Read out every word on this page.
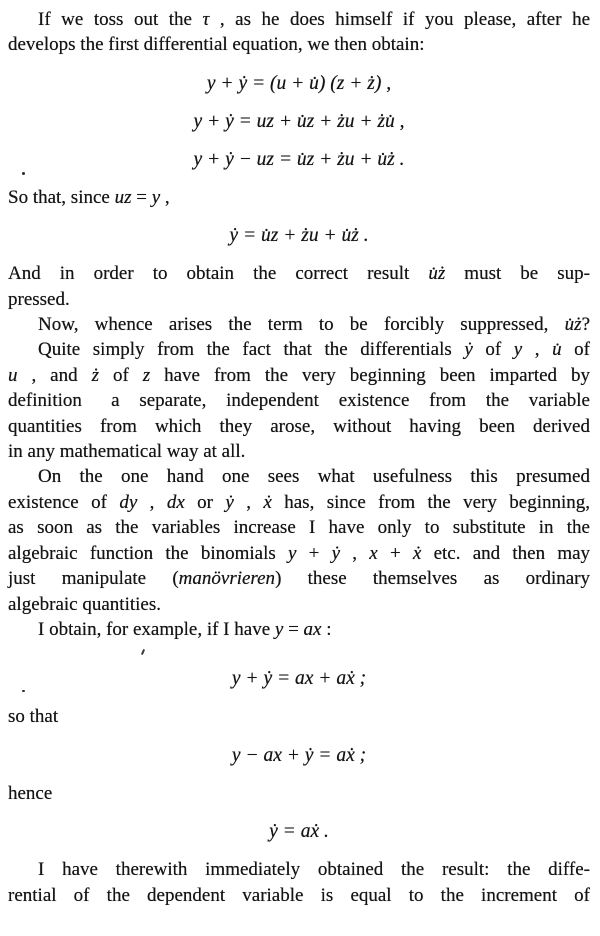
If we toss out the τ , as he does himself if you please, after he
develops the first differential equation, we then obtain:
y + ẏ = (u + u̇) (z + ż) ,
y + ẏ = uz + u̇z + żu + żu̇ ,
y + ẏ − uz = u̇z + żu + u̇ż .
So that, since uz = y ,
ẏ = u̇z + żu + u̇ż .
And in order to obtain the correct result u̇ż must be sup-
pressed.
Now, whence arises the term to be forcibly suppressed, u̇ż?
Quite simply from the fact that the differentials ẏ of y , u̇ of
u , and ż of z have from the very beginning been imparted by
definition  a separate, independent existence from the variable
quantities from which they arose, without having been derived
in any mathematical way at all.
On the one hand one sees what usefulness this presumed
existence of dy , dx or ẏ , ẋ has, since from the very beginning,
as soon as the variables increase I have only to substitute in the
algebraic function the binomials y + ẏ , x + ẋ etc. and then may
just manipulate (manövrieren) these themselves as ordinary
algebraic quantities.
I obtain, for example, if I have y = ax :
y + ẏ = ax + aẋ ;
so that
y − ax + ẏ = aẋ ;
hence
ẏ = aẋ .
I have therewith immediately obtained the result: the diffe-
rential of the dependent variable is equal to the increment of
